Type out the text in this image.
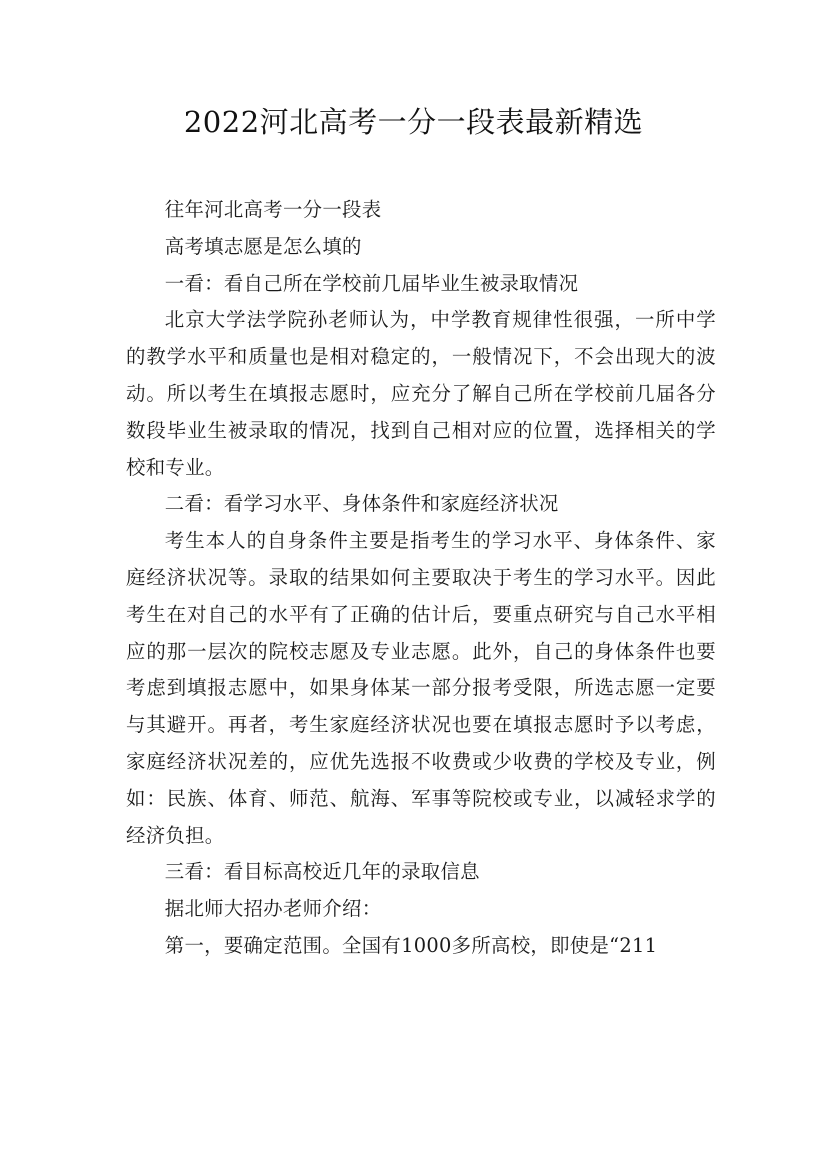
2022河北高考一分一段表最新精选

往年河北高考一分一段表

高考填志愿是怎么填的

一看：看自己所在学校前几届毕业生被录取情况

北京大学法学院孙老师认为，中学教育规律性很强，一所中学的教学水平和质量也是相对稳定的，一般情况下，不会出现大的波动。所以考生在填报志愿时，应充分了解自己所在学校前几届各分数段毕业生被录取的情况，找到自己相对应的位置，选择相关的学校和专业。

二看：看学习水平、身体条件和家庭经济状况

考生本人的自身条件主要是指考生的学习水平、身体条件、家庭经济状况等。录取的结果如何主要取决于考生的学习水平。因此考生在对自己的水平有了正确的估计后，要重点研究与自己水平相应的那一层次的院校志愿及专业志愿。此外，自己的身体条件也要考虑到填报志愿中，如果身体某一部分报考受限，所选志愿一定要与其避开。再者，考生家庭经济状况也要在填报志愿时予以考虑，家庭经济状况差的，应优先选报不收费或少收费的学校及专业，例如：民族、体育、师范、航海、军事等院校或专业，以减轻求学的经济负担。

三看：看目标高校近几年的录取信息

据北师大招办老师介绍：

第一，要确定范围。全国有1000多所高校，即使是“211
